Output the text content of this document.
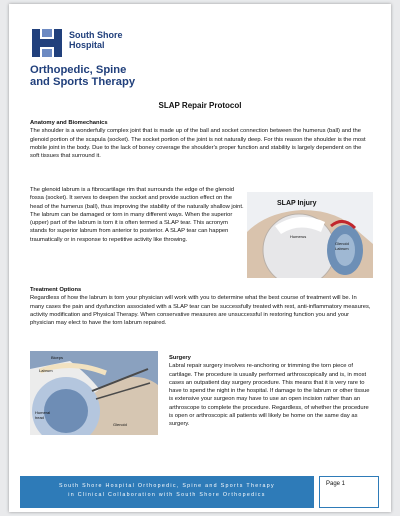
South Shore
Hospital
Orthopedic, Spine
and Sports Therapy
SLAP Repair Protocol

Anatomy and Biomechanics

The shoulder is a wonderfully complex joint that is made up of the ball and socket connection between the humerus (ball) and the glenoid portion of the scapula (socket). The socket portion of the joint is not naturally deep. For this reason the shoulder is the most mobile joint in the body. Due to the lack of boney coverage the shoulder's proper function and stability is largely dependent on the soft tissues that surround it.

The glenoid labrum is a fibrocartilage rim that surrounds the edge of the glenoid fossa (socket). It serves to deepen the socket and provide suction effect on the head of the humerus (ball), thus improving the stability of the naturally shallow joint. The labrum can be damaged or torn in many different ways. When the superior (upper) part of the labrum is torn it is often termed a SLAP tear. This acronym stands for superior labrum from anterior to posterior. A SLAP tear can happen traumatically or in response to repetitive activity like throwing.

SLAP Injury
Humerus
Glenoid Labrum

Treatment Options

Regardless of how the labrum is torn your physician will work with you to determine what the best course of treatment will be. In many cases the pain and dysfunction associated with a SLAP tear can be successfully treated with rest, anti-inflammatory measures, activity modification and Physical Therapy. When conservative measures are unsuccessful in restoring function you and your physician may elect to have the torn labrum repaired.

Biceps
Labrum
Humeral head
Glenoid

Surgery

Labral repair surgery involves re-anchoring or trimming the torn piece of cartilage. The procedure is usually performed arthroscopically and is, in most cases an outpatient day surgery procedure. This means that it is very rare to have to spend the night in the hospital. If damage to the labrum or other tissue is extensive your surgeon may have to use an open incision rather than an arthroscope to complete the procedure. Regardless, of whether the procedure is open or arthroscopic all patients will likely be home on the same day as surgery.

South Shore Hospital Orthopedic, Spine and Sports Therapy
in Clinical Collaboration with South Shore Orthopedics
Page 1
